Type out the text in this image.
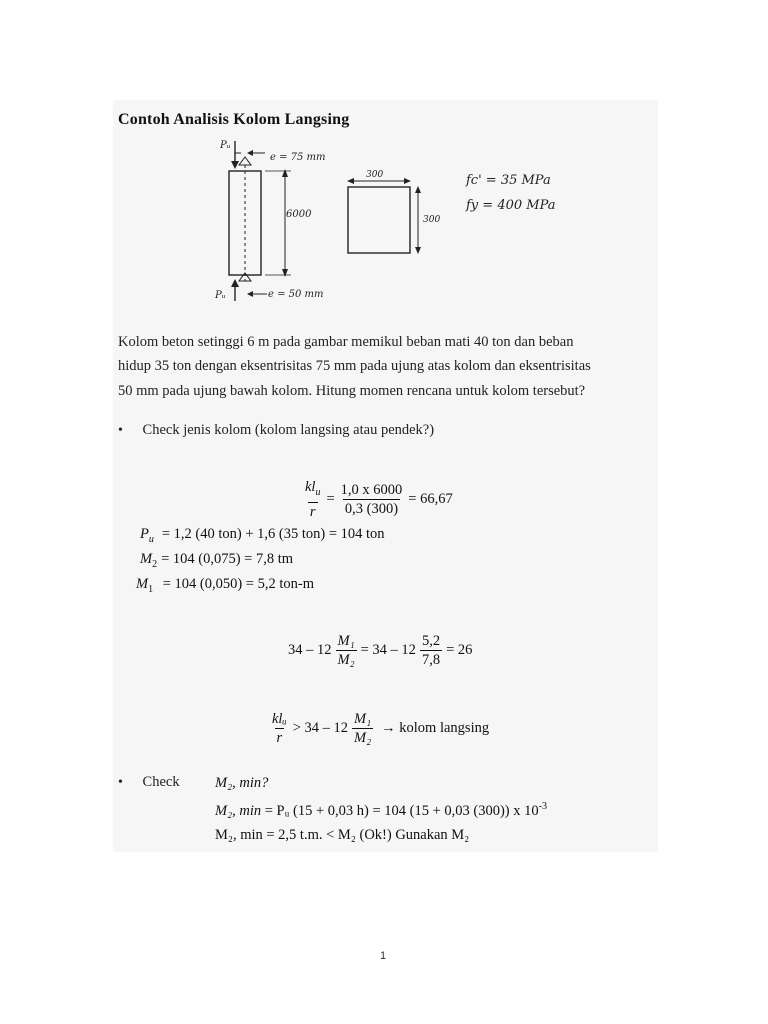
Contoh Analisis Kolom Langsing
Pᵤ
e = 75 mm
6000
Pᵤ	e = 50 mm
300
300
fc' = 35 MPa
fy = 400 MPa
Kolom beton setinggi 6 m pada gambar memikul beban mati 40 ton dan beban
hidup 35 ton dengan eksentrisitas 75 mm pada ujung atas kolom dan eksentrisitas
50 mm pada ujung bawah kolom. Hitung momen rencana untuk kolom tersebut?
• Check jenis kolom (kolom langsing atau pendek?)
$\frac{kl_u}{r} = \frac{1,0 x 6000}{0,3 (300)} = 66,67$
$P_u = 1,2$ (40 ton) + 1,6 (35 ton) = 104 ton
$M_2 = 104$ (0,075) = 7,8 tm
$M_1 = 104$ (0,050) = 5,2 ton-m
$34 - 12 \frac{\text{M₁}}{\text{M₂}} = 34 - 12 \frac{5,2}{7,8} = 26$
$\frac{\text{klᵤ}}{r} > 34 - 12 \frac{\text{M₁}}{\text{M₂}}$ → kolom langsing
• Check M₂, min?
M₂, min = Pᵤ (15 + 0,03 h) = 104 (15 + 0,03 (300)) x $10^{-3}$
M₂, min = 2,5 t.m. < M₂ (Ok!) Gunakan M₂
1
